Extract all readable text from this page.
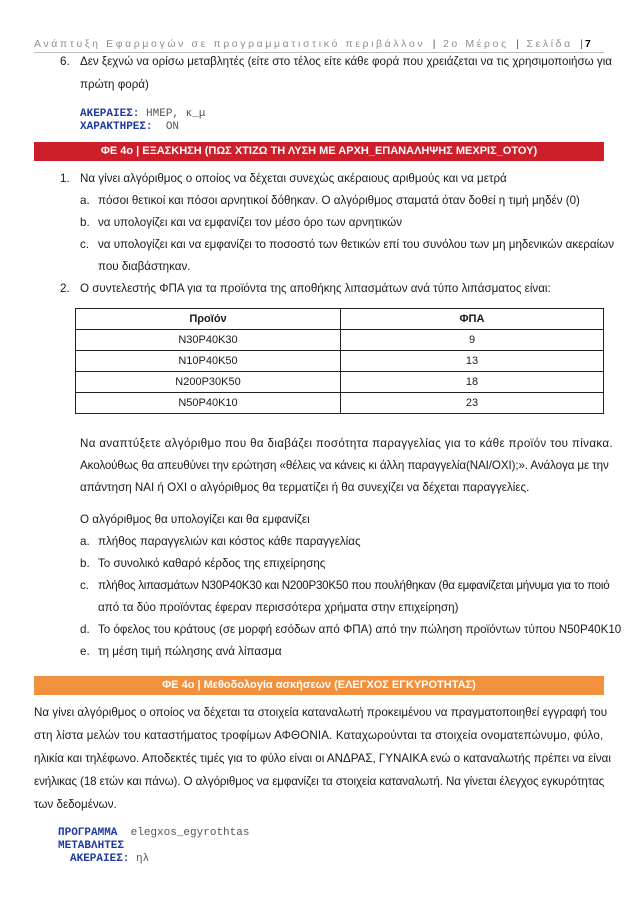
Ανάπτυξη Εφαρμογών σε προγραμματιστικό περιβάλλον | 2ο Μέρος | Σελίδα | 7
6. Δεν ξεχνώ να ορίσω μεταβλητές (είτε στο τέλος είτε κάθε φορά που χρειάζεται να τις χρησιμοποιήσω για
πρώτη φορά)
ΑΚΕΡΑΙΕΣ: ΗΜΕΡ, κ_μ
ΧΑΡΑΚΤΗΡΕΣ:  ON
ΦΕ 4ο | ΕΞΑΣΚΗΣΗ (ΠΩΣ ΧΤΙΖΩ ΤΗ ΛΥΣΗ ΜΕ ΑΡΧΗ_ΕΠΑΝΑΛΗΨΗΣ ΜΕΧΡΙΣ_ΟΤΟΥ)
1. Να γίνει αλγόριθμος ο οποίος να δέχεται συνεχώς ακέραιους αριθμούς και να μετρά
a. πόσοι θετικοί και πόσοι αρνητικοί δόθηκαν. Ο αλγόριθμος σταματά όταν δοθεί η τιμή μηδέν (0)
b. να υπολογίζει και να εμφανίζει τον μέσο όρο των αρνητικών
c. να υπολογίζει και να εμφανίζει το ποσοστό των θετικών επί του συνόλου των μη μηδενικών ακεραίων
που διαβάστηκαν.
2. Ο συντελεστής ΦΠΑ για τα προϊόντα της αποθήκης λιπασμάτων ανά τύπο λιπάσματος είναι:
Προϊόν	ΦΠΑ
N30P40K30	9
N10P40K50	13
N200P30K50	18
N50P40K10	23
Να αναπτύξετε αλγόριθμο που θα διαβάζει ποσότητα παραγγελίας για το κάθε προϊόν του πίνακα.
Ακολούθως θα απευθύνει την ερώτηση «θέλεις να κάνεις κι άλλη παραγγελία(ΝΑΙ/ΟΧΙ);». Ανάλογα με την
απάντηση ΝΑΙ ή ΟΧΙ ο αλγόριθμος θα τερματίζει ή θα συνεχίζει να δέχεται παραγγελίες.
Ο αλγόριθμος θα υπολογίζει και θα εμφανίζει
a. πλήθος παραγγελιών και κόστος κάθε παραγγελίας
b. Το συνολικό καθαρό κέρδος της επιχείρησης
c. πλήθος λιπασμάτων N30P40K30 και N200P30K50 που πουλήθηκαν (θα εμφανίζεται μήνυμα για το ποιό
από τα δύο προϊόντας έφεραν περισσότερα χρήματα στην επιχείρηση)
d. Το όφελος του κράτους (σε μορφή εσόδων από ΦΠΑ) από την πώληση προϊόντων τύπου N50P40K10
e. τη μέση τιμή πώλησης ανά λίπασμα
ΦΕ 4ο | Μεθοδολογία ασκήσεων (ΕΛΕΓΧΟΣ ΕΓΚΥΡΟΤΗΤΑΣ)
Να γίνει αλγόριθμος ο οποίος να δέχεται τα στοιχεία καταναλωτή προκειμένου να πραγματοποιηθεί εγγραφή του
στη λίστα μελών του καταστήματος τροφίμων ΑΦΘΟΝΙΑ. Καταχωρούνται τα στοιχεία ονοματεπώνυμο, φύλο,
ηλικία και τηλέφωνο. Αποδεκτές τιμές για το φύλο είναι οι ΑΝΔΡΑΣ, ΓΥΝΑΙΚΑ ενώ ο καταναλωτής πρέπει να είναι
ενήλικας (18 ετών και πάνω). Ο αλγόριθμος να εμφανίζει τα στοιχεία καταναλωτή. Να γίνεται έλεγχος εγκυρότητας
των δεδομένων.
ΠΡΟΓΡΑΜΜΑ  elegxos_egyrothtas
ΜΕΤΑΒΛΗΤΕΣ
ΑΚΕΡΑΙΕΣ: ηλ
